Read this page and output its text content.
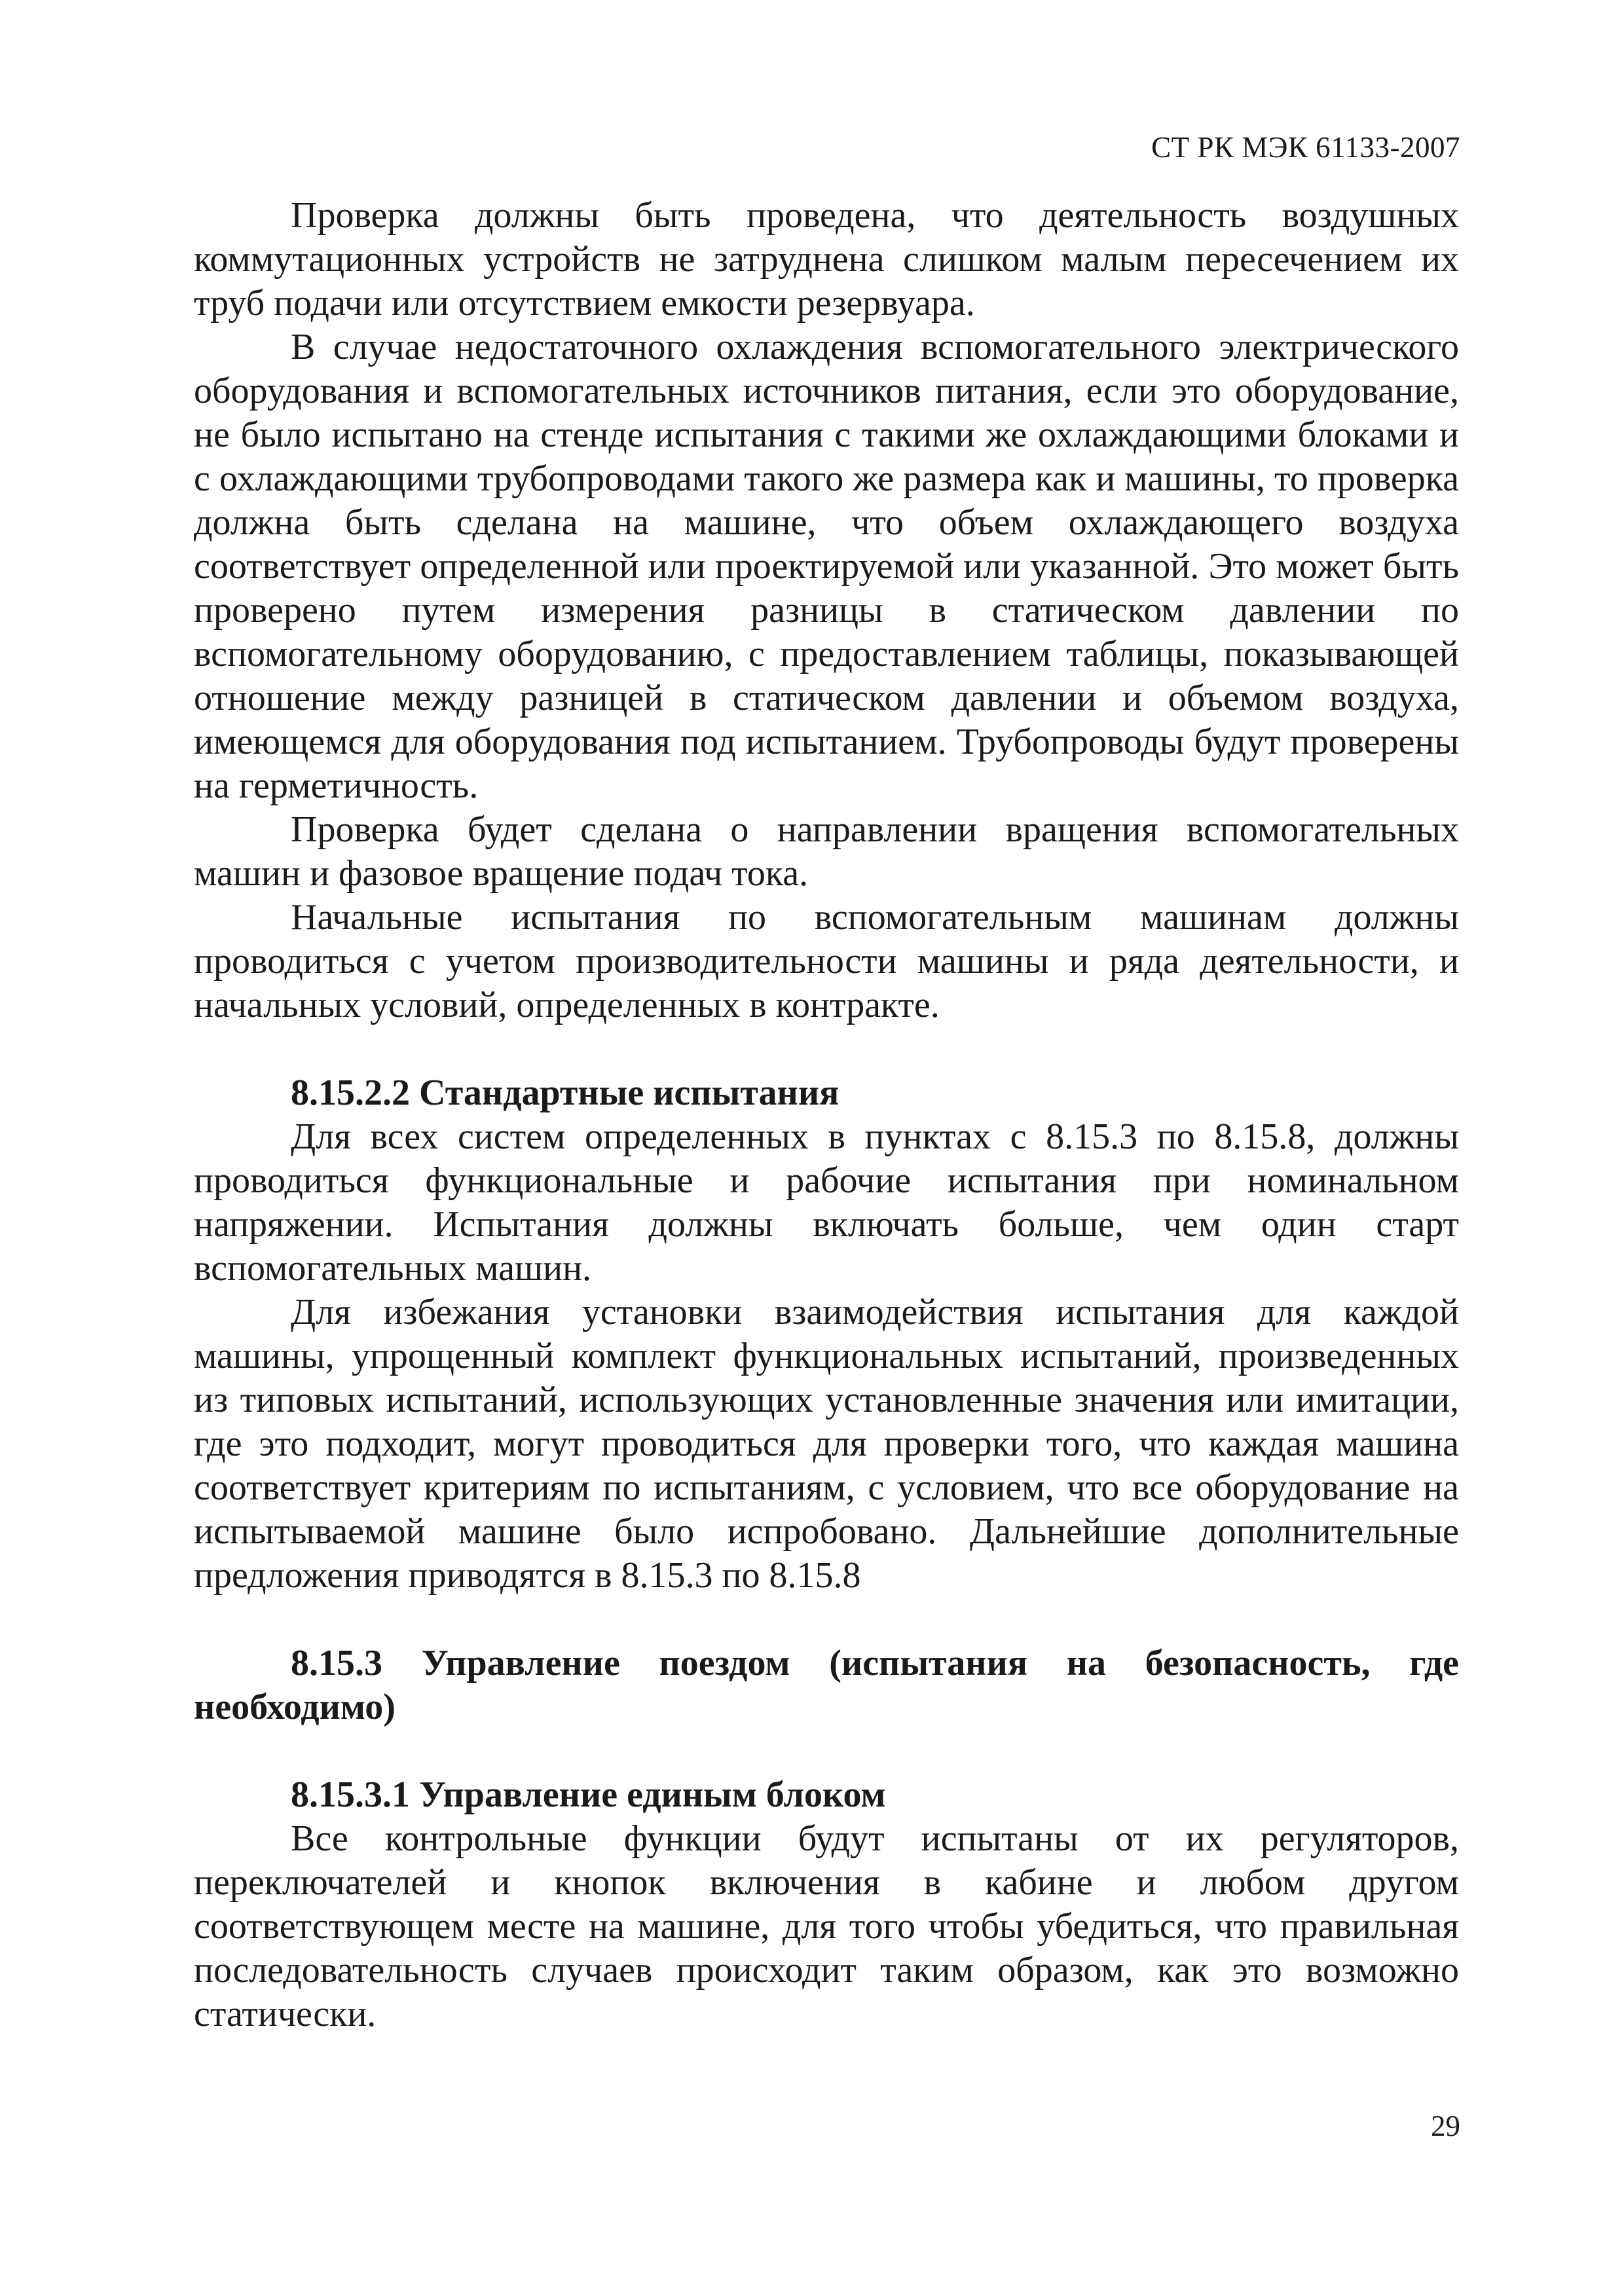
СТ РК МЭК 61133-2007

Проверка должны быть проведена, что деятельность воздушных коммутационных устройств не затруднена слишком малым пересечением их труб подачи или отсутствием емкости резервуара.

В случае недостаточного охлаждения вспомогательного электрического оборудования и вспомогательных источников питания, если это оборудование, не было испытано на стенде испытания с такими же охлаждающими блоками и с охлаждающими трубопроводами такого же размера как и машины, то проверка должна быть сделана на машине, что объем охлаждающего воздуха соответствует определенной или проектируемой или указанной. Это может быть проверено путем измерения разницы в статическом давлении по вспомогательному оборудованию, с предоставлением таблицы, показывающей отношение между разницей в статическом давлении и объемом воздуха, имеющемся для оборудования под испытанием. Трубопроводы будут проверены на герметичность.

Проверка будет сделана о направлении вращения вспомогательных машин и фазовое вращение подач тока.

Начальные испытания по вспомогательным машинам должны проводиться с учетом производительности машины и ряда деятельности, и начальных условий, определенных в контракте.

8.15.2.2 Стандартные испытания

Для всех систем определенных в пунктах с 8.15.3 по 8.15.8, должны проводиться функциональные и рабочие испытания при номинальном напряжении. Испытания должны включать больше, чем один старт вспомогательных машин.

Для избежания установки взаимодействия испытания для каждой машины, упрощенный комплект функциональных испытаний, произведенных из типовых испытаний, использующих установленные значения или имитации, где это подходит, могут проводиться для проверки того, что каждая машина соответствует критериям по испытаниям, с условием, что все оборудование на испытываемой машине было испробовано. Дальнейшие дополнительные предложения приводятся в 8.15.3 по 8.15.8

8.15.3 Управление поездом (испытания на безопасность, где необходимо)
8.15.3.1 Управление единым блоком

Все контрольные функции будут испытаны от их регуляторов, переключателей и кнопок включения в кабине и любом другом соответствующем месте на машине, для того чтобы убедиться, что правильная последовательность случаев происходит таким образом, как это возможно статически.

29
